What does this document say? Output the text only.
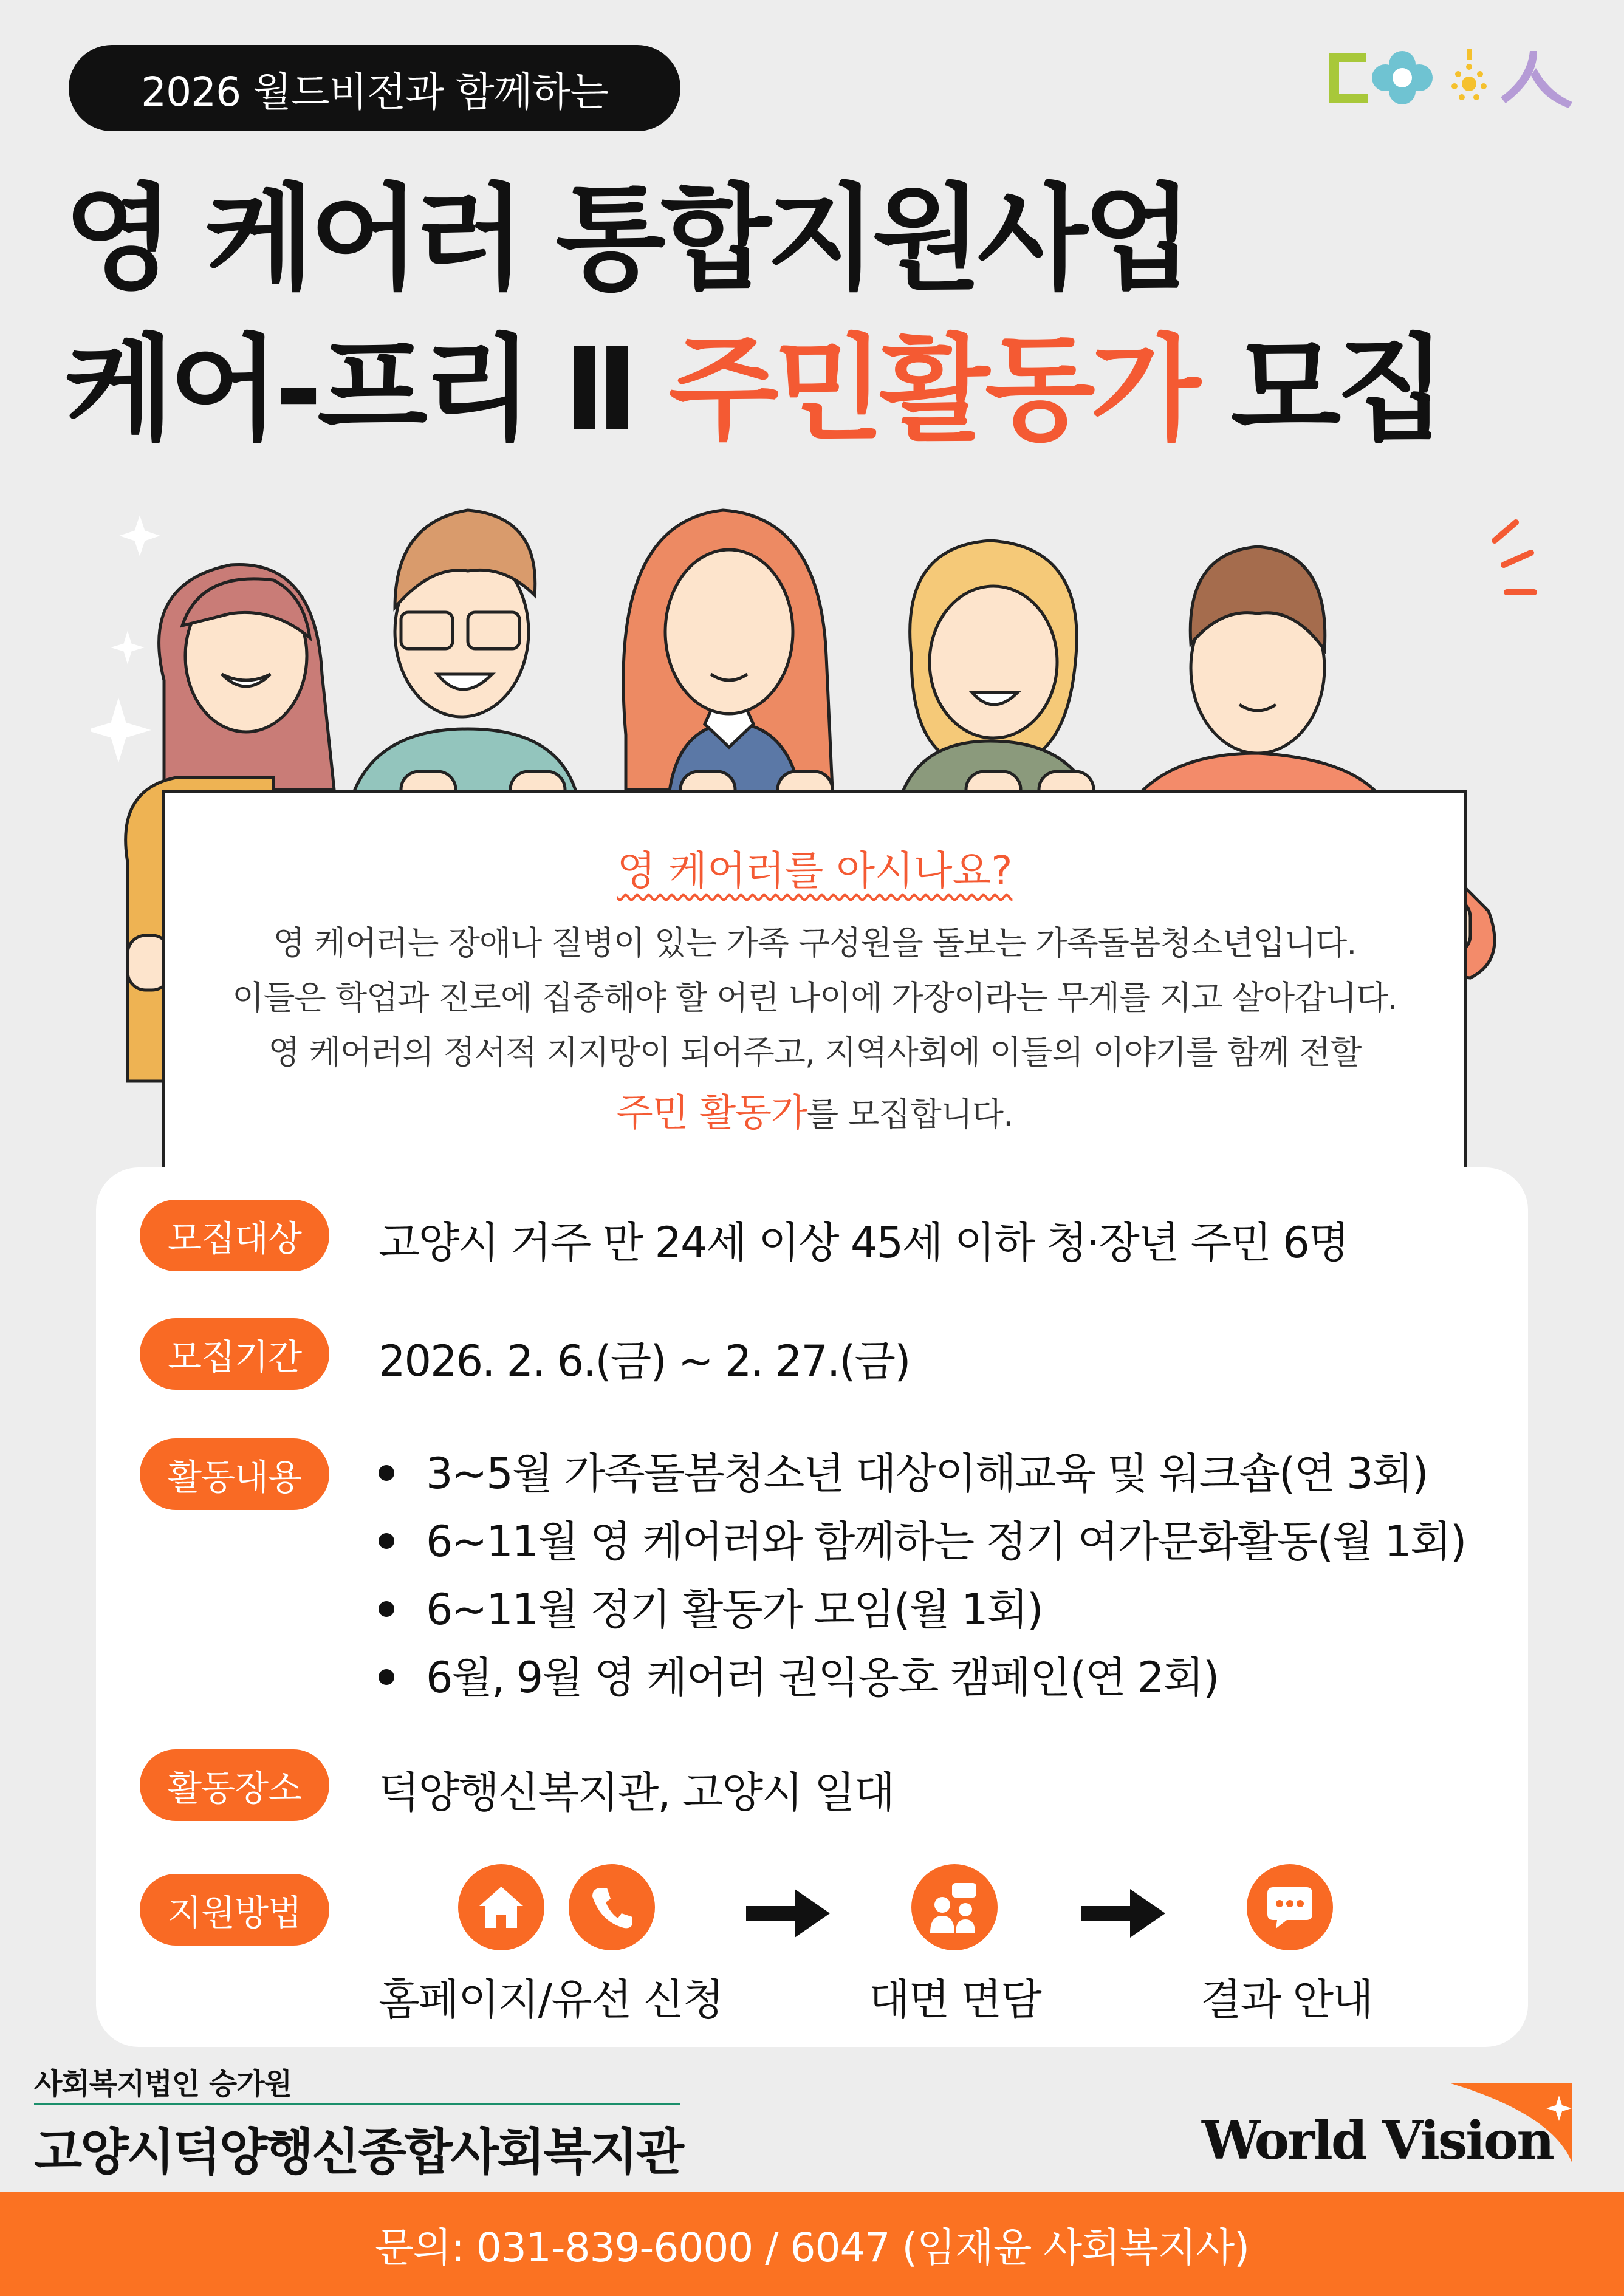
2026 월드비전과 함께하는
영 케어러 통합지원사업
케어-프리 Ⅱ 주민활동가 모집
영 케어러를 아시나요?
영 케어러는 장애나 질병이 있는 가족 구성원을 돌보는 가족돌봄청소년입니다.
이들은 학업과 진로에 집중해야 할 어린 나이에 가장이라는 무게를 지고 살아갑니다.
영 케어러의 정서적 지지망이 되어주고, 지역사회에 이들의 이야기를 함께 전할
주민 활동가를 모집합니다.
모집대상	고양시 거주 만 24세 이상 45세 이하 청·장년 주민 6명
모집기간	2026. 2. 6.(금) ~ 2. 27.(금)
활동내용	3~5월 가족돌봄청소년 대상이해교육 및 워크숍(연 3회)
6~11월 영 케어러와 함께하는 정기 여가문화활동(월 1회)
6~11월 정기 활동가 모임(월 1회)
6월, 9월 영 케어러 권익옹호 캠페인(연 2회)
활동장소	덕양행신복지관, 고양시 일대
지원방법
홈페이지/유선 신청	대면 면담	결과 안내
사회복지법인 승가원
고양시덕양행신종합사회복지관	World Vision
문의: 031-839-6000 / 6047 (임재윤 사회복지사)
